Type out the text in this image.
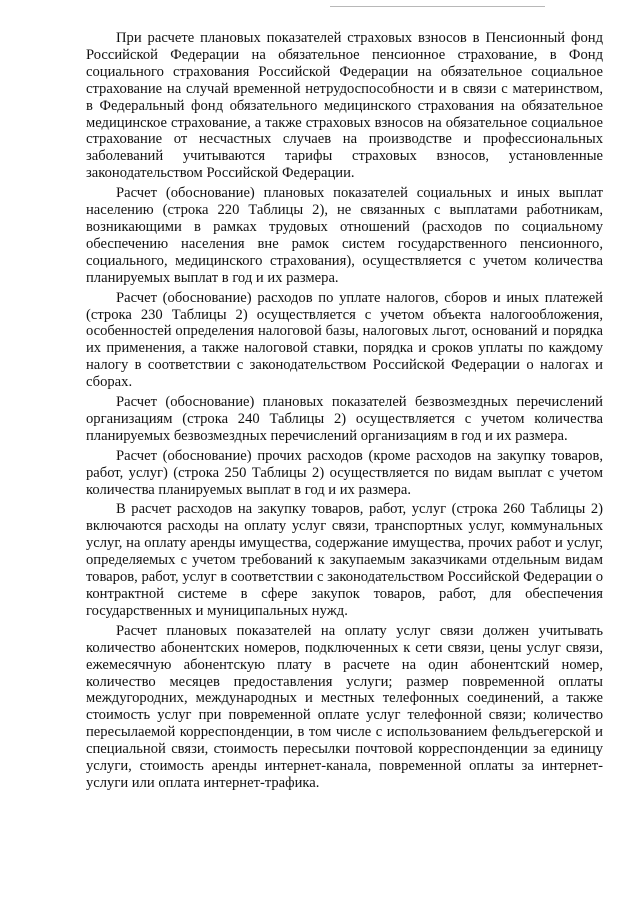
При расчете плановых показателей страховых взносов в Пенсионный фонд Российской Федерации на обязательное пенсионное страхование, в Фонд социального страхования Российской Федерации на обязательное социальное страхование на случай временной нетрудоспособности и в связи с материнством, в Федеральный фонд обязательного медицинского страхования на обязательное медицинское страхование, а также страховых взносов на обязательное социальное страхование от несчастных случаев на производстве и профессиональных заболеваний учитываются тарифы страховых взносов, установленные законодательством Российской Федерации.

Расчет (обоснование) плановых показателей социальных и иных выплат населению (строка 220 Таблицы 2), не связанных с выплатами работникам, возникающими в рамках трудовых отношений (расходов по социальному обеспечению населения вне рамок систем государственного пенсионного, социального, медицинского страхования), осуществляется с учетом количества планируемых выплат в год и их размера.

Расчет (обоснование) расходов по уплате налогов, сборов и иных платежей (строка 230 Таблицы 2) осуществляется с учетом объекта налогообложения, особенностей определения налоговой базы, налоговых льгот, оснований и порядка их применения, а также налоговой ставки, порядка и сроков уплаты по каждому налогу в соответствии с законодательством Российской Федерации о налогах и сборах.

Расчет (обоснование) плановых показателей безвозмездных перечислений организациям (строка 240 Таблицы 2) осуществляется с учетом количества планируемых безвозмездных перечислений организациям в год и их размера.

Расчет (обоснование) прочих расходов (кроме расходов на закупку товаров, работ, услуг) (строка 250 Таблицы 2) осуществляется по видам выплат с учетом количества планируемых выплат в год и их размера.

В расчет расходов на закупку товаров, работ, услуг (строка 260 Таблицы 2) включаются расходы на оплату услуг связи, транспортных услуг, коммунальных услуг, на оплату аренды имущества, содержание имущества, прочих работ и услуг, определяемых с учетом требований к закупаемым заказчиками отдельным видам товаров, работ, услуг в соответствии с законодательством Российской Федерации о контрактной системе в сфере закупок товаров, работ, для обеспечения государственных и муниципальных нужд.

Расчет плановых показателей на оплату услуг связи должен учитывать количество абонентских номеров, подключенных к сети связи, цены услуг связи, ежемесячную абонентскую плату в расчете на один абонентский номер, количество месяцев предоставления услуги; размер повременной оплаты междугородних, международных и местных телефонных соединений, а также стоимость услуг при повременной оплате услуг телефонной связи; количество пересылаемой корреспонденции, в том числе с использованием фельдъегерской и специальной связи, стоимость пересылки почтовой корреспонденции за единицу услуги, стоимость аренды интернет-канала, повременной оплаты за интернет-услуги или оплата интернет-трафика.
